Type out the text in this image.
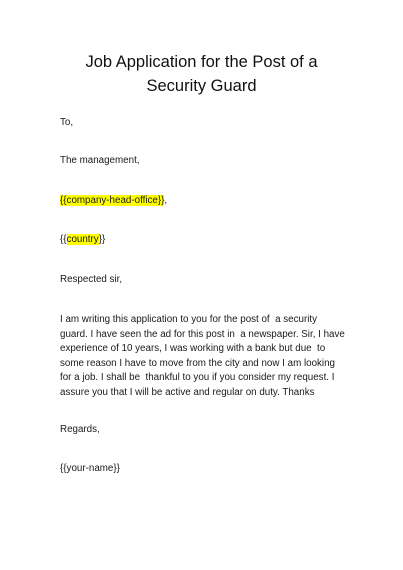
Job Application for the Post of a
Security Guard
To,
The management,
{{company-head-office}},
{{country}}
Respected sir,
I am writing this application to you for the post of  a security
guard. I have seen the ad for this post in  a newspaper. Sir, I have
experience of 10 years, I was working with a bank but due  to
some reason I have to move from the city and now I am looking
for a job. I shall be  thankful to you if you consider my request. I
assure you that I will be active and regular on duty. Thanks
Regards,
{{your-name}}
